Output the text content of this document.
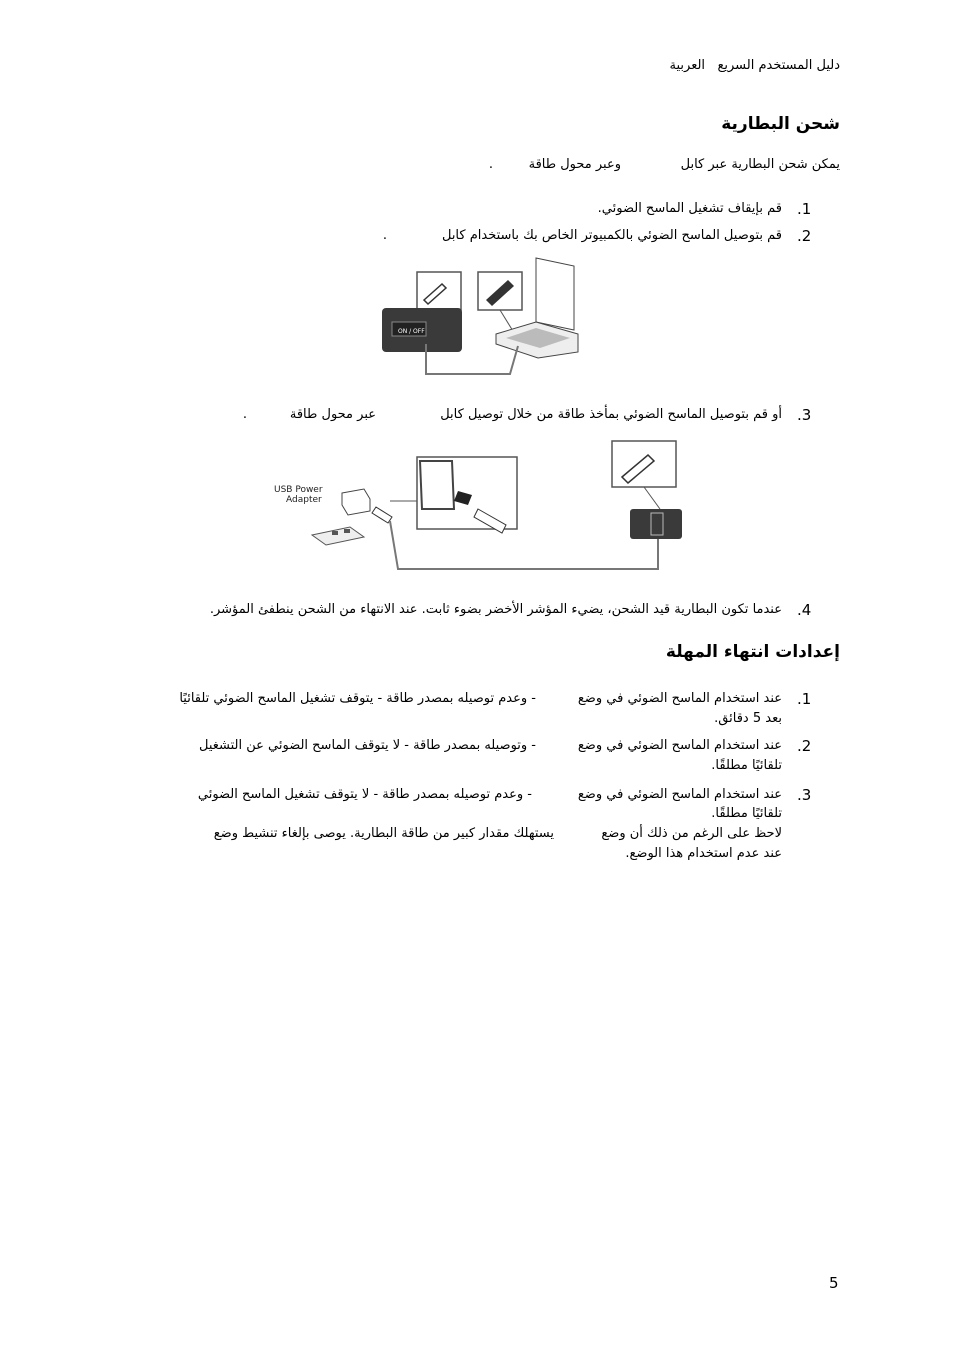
دليل المستخدم السريع   العربية
شحن البطارية
يمكن شحن البطارية عبر كابل
وعبر محول طاقة
.
.1
قم بإيقاف تشغيل الماسح الضوئي.
.2
قم بتوصيل الماسح الضوئي بالكمبيوتر الخاص بك باستخدام كابل
.
ON / OFF
.3
أو قم بتوصيل الماسح الضوئي بمأخذ طاقة من خلال توصيل كابل
عبر محول طاقة
.
USB Power
Adapter
.4
عندما تكون البطارية قيد الشحن، يضيء المؤشر الأخضر بضوء ثابت. عند الانتهاء من الشحن ينطفئ المؤشر.
إعدادات انتهاء المهلة
.1
عند استخدام الماسح الضوئي في وضع
- وعدم توصيله بمصدر طاقة - يتوقف تشغيل الماسح الضوئي تلقائيًا
بعد 5 دقائق.
.2
عند استخدام الماسح الضوئي في وضع
- وتوصيله بمصدر طاقة - لا يتوقف الماسح الضوئي عن التشغيل
تلقائيًا مطلقًا.
.3
عند استخدام الماسح الضوئي في وضع
- وعدم توصيله بمصدر طاقة - لا يتوقف تشغيل الماسح الضوئي
تلقائيًا مطلقًا.
لاحظ على الرغم من ذلك أن وضع
يستهلك مقدار كبير من طاقة البطارية. يوصى بإلغاء تنشيط وضع
عند عدم استخدام هذا الوضع.
5
